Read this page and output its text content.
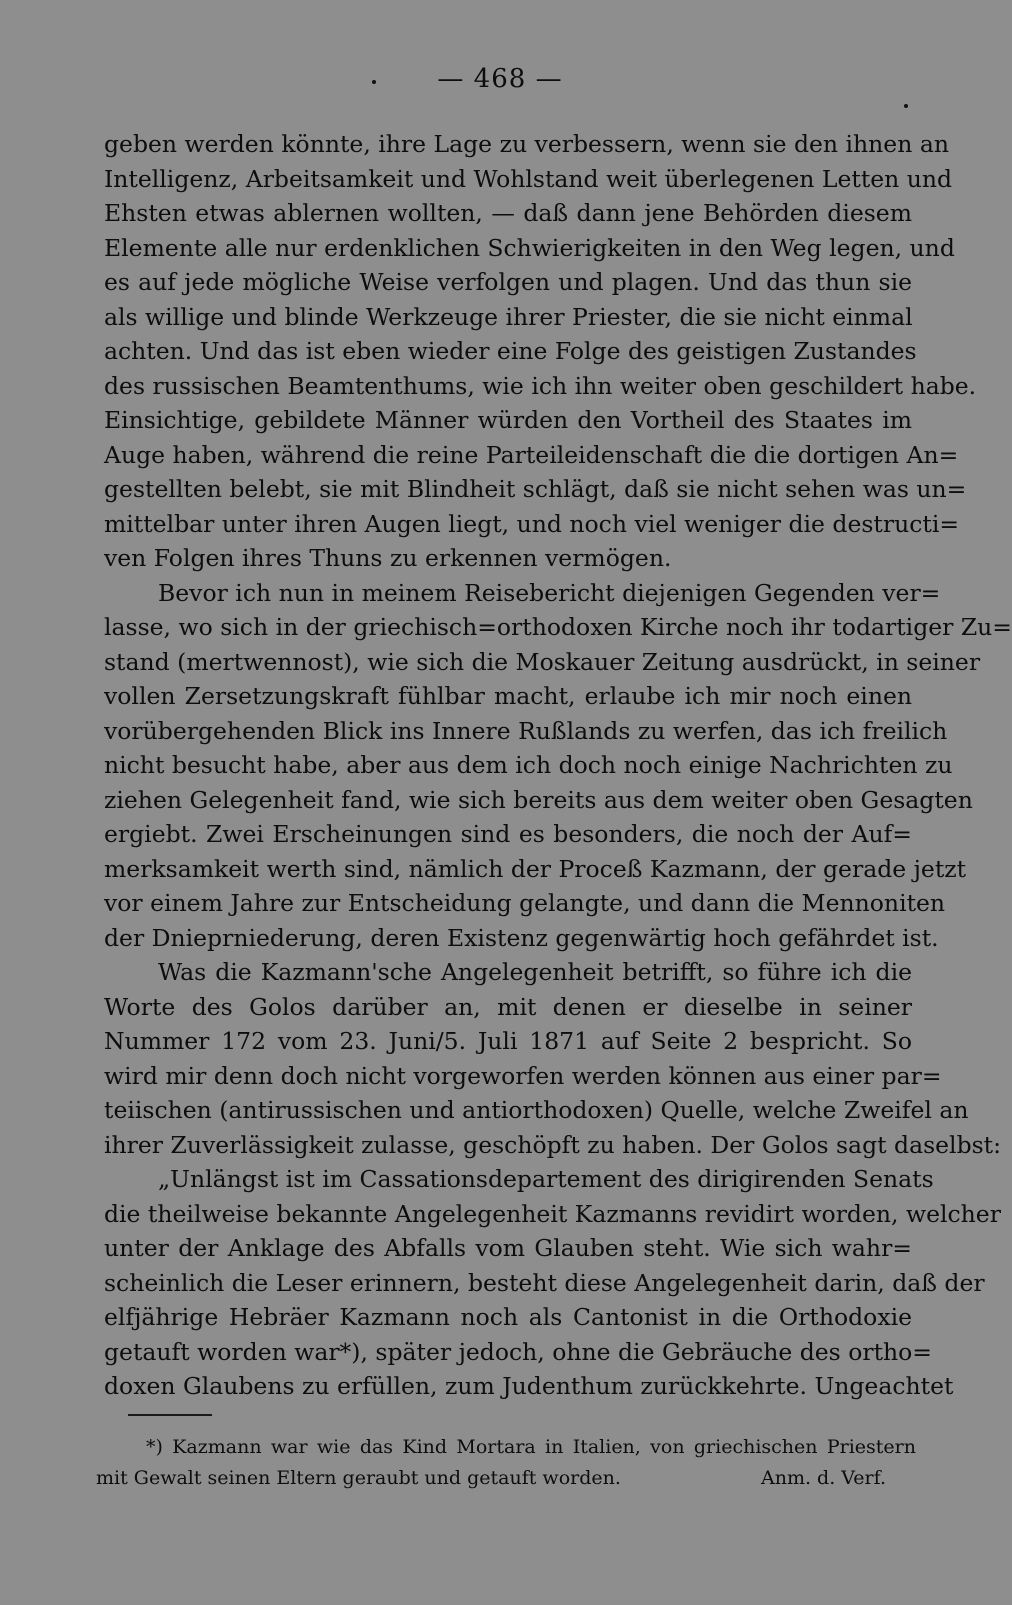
— 468 —
geben werden könnte, ihre Lage zu verbessern, wenn sie den ihnen an
Intelligenz, Arbeitsamkeit und Wohlstand weit überlegenen Letten und
Ehsten etwas ablernen wollten, — daß dann jene Behörden diesem
Elemente alle nur erdenklichen Schwierigkeiten in den Weg legen, und
es auf jede mögliche Weise verfolgen und plagen. Und das thun sie
als willige und blinde Werkzeuge ihrer Priester, die sie nicht einmal
achten. Und das ist eben wieder eine Folge des geistigen Zustandes
des russischen Beamtenthums, wie ich ihn weiter oben geschildert habe.
Einsichtige, gebildete Männer würden den Vortheil des Staates im
Auge haben, während die reine Parteileidenschaft die die dortigen An=
gestellten belebt, sie mit Blindheit schlägt, daß sie nicht sehen was un=
mittelbar unter ihren Augen liegt, und noch viel weniger die destructi=
ven Folgen ihres Thuns zu erkennen vermögen.
Bevor ich nun in meinem Reisebericht diejenigen Gegenden ver=
lasse, wo sich in der griechisch=orthodoxen Kirche noch ihr todartiger Zu=
stand (mertwennost), wie sich die Moskauer Zeitung ausdrückt, in seiner
vollen Zersetzungskraft fühlbar macht, erlaube ich mir noch einen
vorübergehenden Blick ins Innere Rußlands zu werfen, das ich freilich
nicht besucht habe, aber aus dem ich doch noch einige Nachrichten zu
ziehen Gelegenheit fand, wie sich bereits aus dem weiter oben Gesagten
ergiebt. Zwei Erscheinungen sind es besonders, die noch der Auf=
merksamkeit werth sind, nämlich der Proceß Kazmann, der gerade jetzt
vor einem Jahre zur Entscheidung gelangte, und dann die Mennoniten
der Dnieprniederung, deren Existenz gegenwärtig hoch gefährdet ist.
Was die Kazmann'sche Angelegenheit betrifft, so führe ich die
Worte des Golos darüber an, mit denen er dieselbe in seiner
Nummer 172 vom 23. Juni/5. Juli 1871 auf Seite 2 bespricht. So
wird mir denn doch nicht vorgeworfen werden können aus einer par=
teiischen (antirussischen und antiorthodoxen) Quelle, welche Zweifel an
ihrer Zuverlässigkeit zulasse, geschöpft zu haben. Der Golos sagt daselbst:
„Unlängst ist im Cassationsdepartement des dirigirenden Senats
die theilweise bekannte Angelegenheit Kazmanns revidirt worden, welcher
unter der Anklage des Abfalls vom Glauben steht. Wie sich wahr=
scheinlich die Leser erinnern, besteht diese Angelegenheit darin, daß der
elfjährige Hebräer Kazmann noch als Cantonist in die Orthodoxie
getauft worden war*), später jedoch, ohne die Gebräuche des ortho=
doxen Glaubens zu erfüllen, zum Judenthum zurückkehrte. Ungeachtet
*) Kazmann war wie das Kind Mortara in Italien, von griechischen Priestern
mit Gewalt seinen Eltern geraubt und getauft worden.	Anm. d. Verf.
